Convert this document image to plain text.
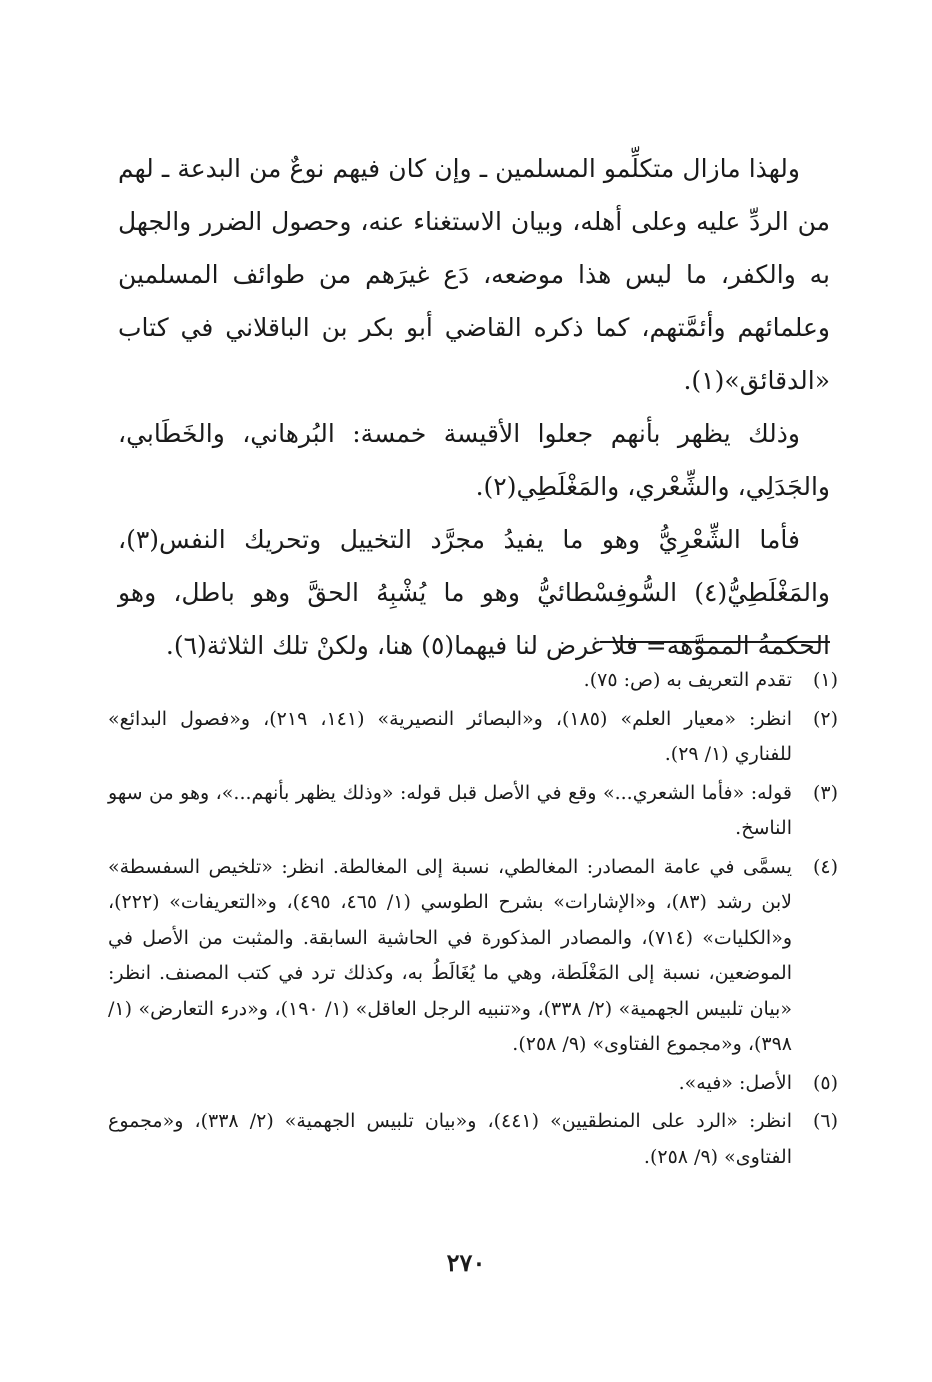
ولهذا مازال متكلِّمو المسلمين ـ وإن كان فيهم نوعٌ من البدعة ـ لهم من الردِّ عليه وعلى أهله، وبيان الاستغناء عنه، وحصول الضرر والجهل به والكفر، ما ليس هذا موضعه، دَع غيرَهم من طوائف المسلمين وعلمائهم وأئمَّتهم، كما ذكره القاضي أبو بكر بن الباقلاني في كتاب «الدقائق»(١).

وذلك يظهر بأنهم جعلوا الأقيسة خمسة: البُرهاني، والخَطَابي، والجَدَلِي، والشِّعْري، والمَغْلَطِي(٢).

فأما الشِّعْرِيُّ وهو ما يفيدُ مجرَّد التخييل وتحريك النفس(٣)، والمَغْلَطِيُّ(٤) السُّوفِسْطائيُّ وهو ما يُشْبِهُ الحقَّ وهو باطل، وهو الحكمةُ المموَّهة= فلا غرض لنا فيهما(٥) هنا، ولكنْ تلك الثلاثة(٦).

(١)
تقدم التعريف به (ص: ٧٥).
(٢)
انظر: «معيار العلم» (١٨٥)، و«البصائر النصيرية» (١٤١، ٢١٩)، و«فصول البدائع» للفناري (١/ ٢٩).
(٣)
قوله: «فأما الشعري...» وقع في الأصل قبل قوله: «وذلك يظهر بأنهم...»، وهو من سهو الناسخ.
(٤)
يسمَّى في عامة المصادر: المغالطي، نسبة إلى المغالطة. انظر: «تلخيص السفسطة» لابن رشد (٨٣)، و«الإشارات» بشرح الطوسي (١/ ٤٦٥، ٤٩٥)، و«التعريفات» (٢٢٢)، و«الكليات» (٧١٤)، والمصادر المذكورة في الحاشية السابقة. والمثبت من الأصل في الموضعين، نسبة إلى المَغْلَطة، وهي ما يُغَالَطُ به، وكذلك ترد في كتب المصنف. انظر: «بيان تلبيس الجهمية» (٢/ ٣٣٨)، و«تنبيه الرجل العاقل» (١/ ١٩٠)، و«درء التعارض» (١/ ٣٩٨)، و«مجموع الفتاوى» (٩/ ٢٥٨).
(٥)
الأصل: «فيه».
(٦)
انظر: «الرد على المنطقيين» (٤٤١)، و«بيان تلبيس الجهمية» (٢/ ٣٣٨)، و«مجموع الفتاوى» (٩/ ٢٥٨).
٢٧٠
